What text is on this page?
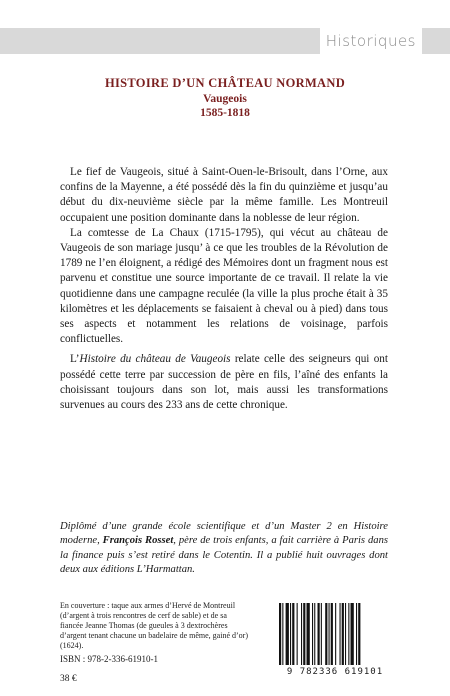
Historiques
HISTOIRE D’UN CHÂTEAU NORMAND
Vaugeois
1585-1818

Le fief de Vaugeois, situé à Saint-Ouen-le-Brisoult, dans l’Orne, aux confins de la Mayenne, a été possédé dès la fin du quinzième et jusqu’au début du dix-neuvième siècle par la même famille. Les Montreuil occupaient une position dominante dans la noblesse de leur région.

La comtesse de La Chaux (1715-1795), qui vécut au château de Vaugeois de son mariage jusqu’ à ce que les troubles de la Révolution de 1789 ne l’en éloignent, a rédigé des Mémoires dont un fragment nous est parvenu et constitue une source importante de ce travail. Il relate la vie quotidienne dans une campagne reculée (la ville la plus proche était à 35 kilomètres et les déplacements se faisaient à cheval ou à pied) dans tous ses aspects et notamment les relations de voisinage, parfois conflictuelles.

L’Histoire du château de Vaugeois relate celle des seigneurs qui ont possédé cette terre par succession de père en fils, l’aîné des enfants la choisissant toujours dans son lot, mais aussi les transformations survenues au cours des 233 ans de cette chronique.

Diplômé d’une grande école scientifique et d’un Master 2 en Histoire moderne, François Rosset, père de trois enfants, a fait carrière à Paris dans la finance puis s’est retiré dans le Cotentin. Il a publié huit ouvrages dont deux aux éditions L’Harmattan.
En couverture : taque aux armes d’Hervé de Montreuil (d’argent à trois rencontres de cerf de sable) et de sa fiancée Jeanne Thomas (de gueules à 3 dextrochères d’argent tenant chacune un badelaire de même, gainé d’or) (1624).
ISBN : 978-2-336-61910-1
38 €
9 782336 619101
